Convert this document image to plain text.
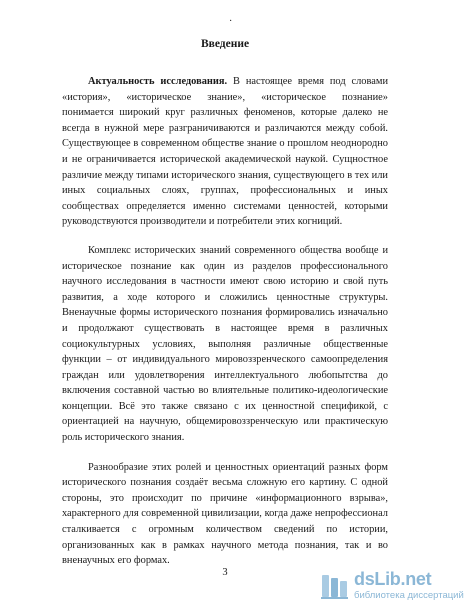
·
Введение

Актуальность исследования. В настоящее время под словами «история», «историческое знание», «историческое познание» понимается широкий круг различных феноменов, которые далеко не всегда в нужной мере разграничиваются и различаются между собой. Существующее в современном обществе знание о прошлом неоднородно и не ограничивается исторической академической наукой. Сущностное различие между типами исторического знания, существующего в тех или иных социальных слоях, группах, профессиональных и иных сообществах определяется именно системами ценностей, которыми руководствуются производители и потребители этих когниций.

Комплекс исторических знаний современного общества вообще и историческое познание как один из разделов профессионального научного исследования в частности имеют свою историю и свой путь развития, а ходе которого и сложились ценностные структуры. Вненаучные формы исторического познания формировались изначально и продолжают существовать в настоящее время в различных социокультурных условиях, выполняя различные общественные функции – от индивидуального мировоззренческого самоопределения граждан или удовлетворения интеллектуального любопытства до включения составной частью во влиятельные политико-идеологические концепции. Всё это также связано с их ценностной спецификой, с ориентацией на научную, общемировоззренческую или практическую роль исторического знания.

Разнообразие этих ролей и ценностных ориентаций разных форм исторического познания создаёт весьма сложную его картину. С одной стороны, это происходит по причине «информационного взрыва», характерного для современной цивилизации, когда даже непрофессионал сталкивается с огромным количеством сведений по истории, организованных как в рамках научного метода познания, так и во вненаучных его формах.

3	dsLib.net
библиотека диссертаций
